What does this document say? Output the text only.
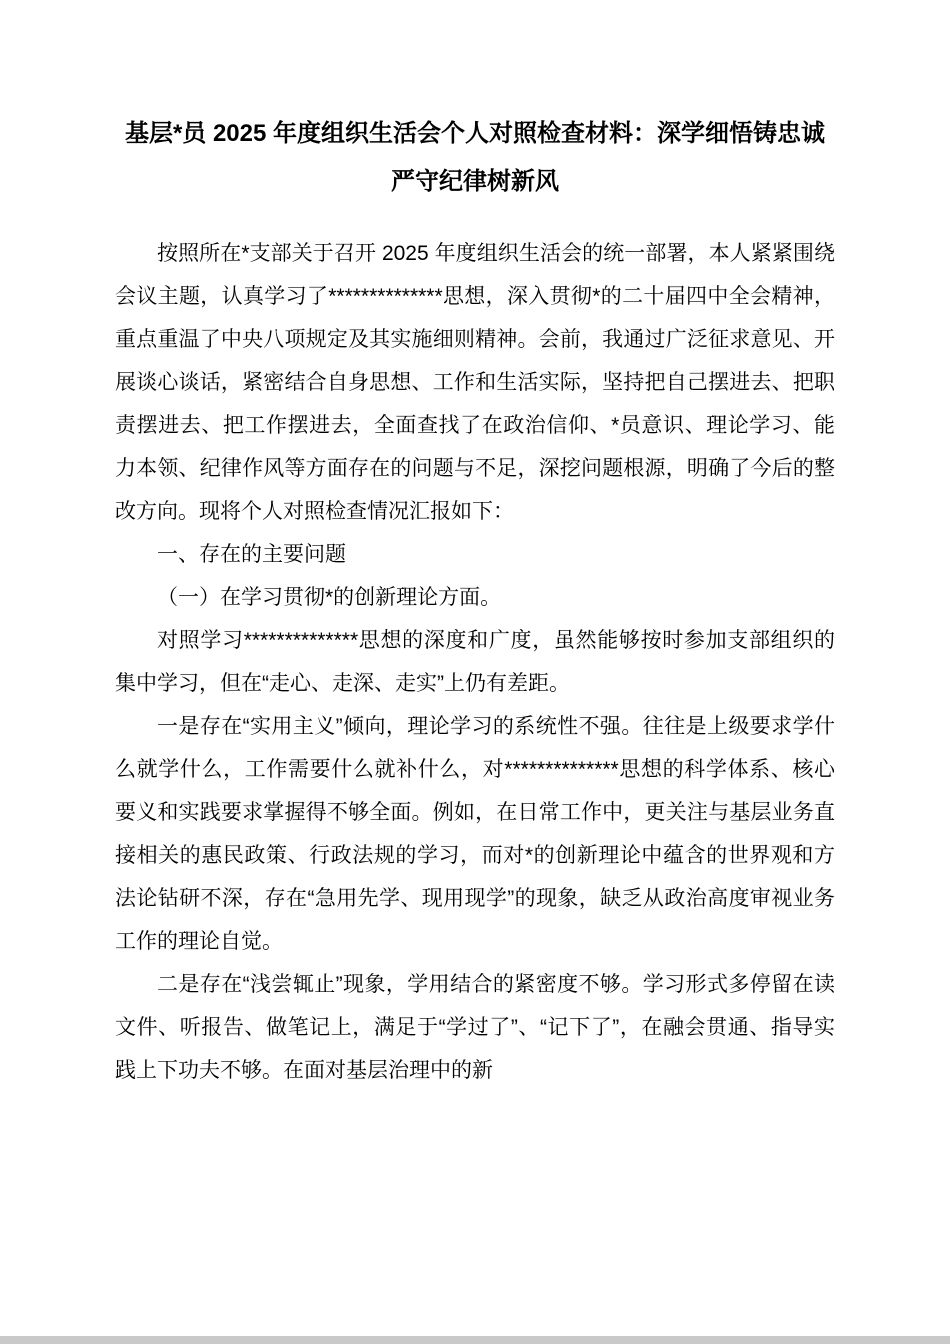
基层*员 2025 年度组织生活会个人对照检查材料：深学细悟铸忠诚严守纪律树新风

按照所在*支部关于召开 2025 年度组织生活会的统一部署，本人紧紧围绕会议主题，认真学习了**************思想，深入贯彻*的二十届四中全会精神，重点重温了中央八项规定及其实施细则精神。会前，我通过广泛征求意见、开展谈心谈话，紧密结合自身思想、工作和生活实际，坚持把自己摆进去、把职责摆进去、把工作摆进去，全面查找了在政治信仰、*员意识、理论学习、能力本领、纪律作风等方面存在的问题与不足，深挖问题根源，明确了今后的整改方向。现将个人对照检查情况汇报如下：

一、存在的主要问题

（一）在学习贯彻*的创新理论方面。

对照学习**************思想的深度和广度，虽然能够按时参加支部组织的集中学习，但在“走心、走深、走实”上仍有差距。

一是存在“实用主义”倾向，理论学习的系统性不强。往往是上级要求学什么就学什么，工作需要什么就补什么，对**************思想的科学体系、核心要义和实践要求掌握得不够全面。例如，在日常工作中，更关注与基层业务直接相关的惠民政策、行政法规的学习，而对*的创新理论中蕴含的世界观和方法论钻研不深，存在“急用先学、现用现学”的现象，缺乏从政治高度审视业务工作的理论自觉。

二是存在“浅尝辄止”现象，学用结合的紧密度不够。学习形式多停留在读文件、听报告、做笔记上，满足于“学过了”、“记下了”，在融会贯通、指导实践上下功夫不够。在面对基层治理中的新
